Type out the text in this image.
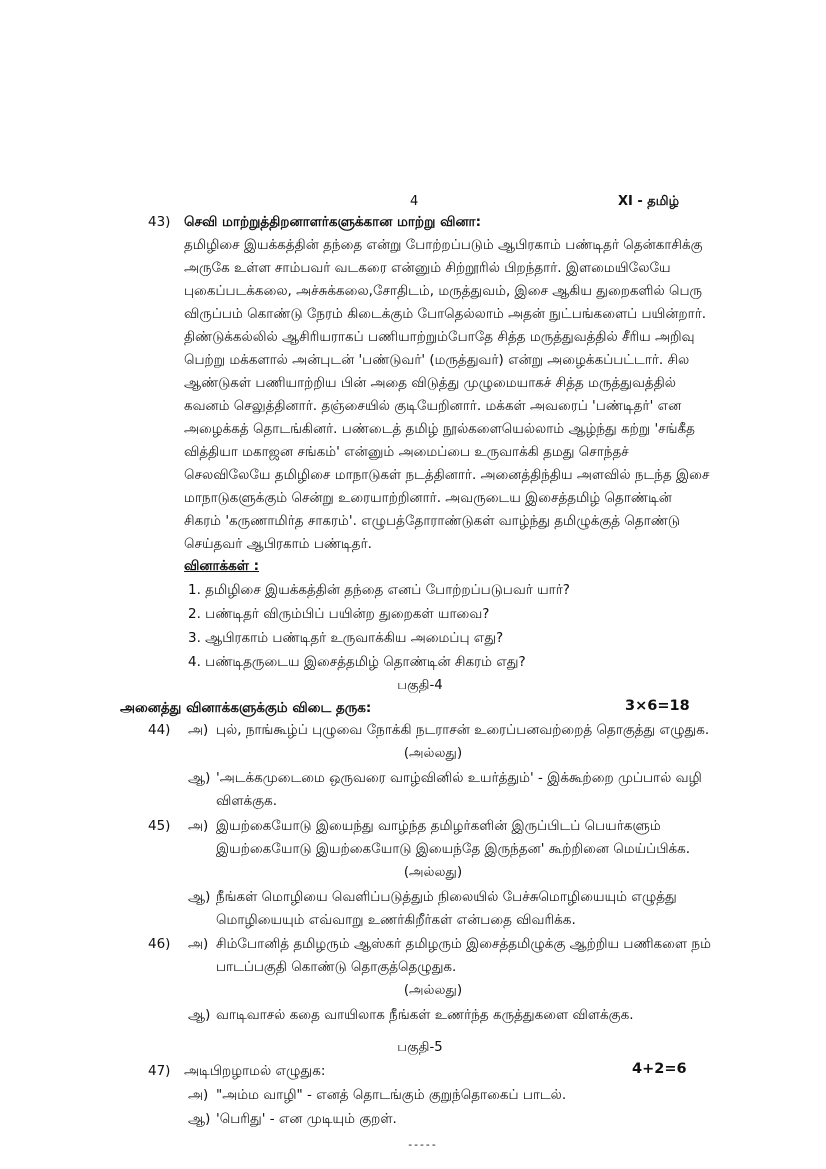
4	XI - தமிழ்
43) செவி மாற்றுத்திறனாளர்களுக்கான மாற்று வினா:
தமிழிசை இயக்கத்தின் தந்தை என்று போற்றப்படும் ஆபிரகாம் பண்டிதர் தென்காசிக்கு
அருகே உள்ள சாம்பவர் வடகரை என்னும் சிற்றூரில் பிறந்தார். இளமையிலேயே
புகைப்படக்கலை, அச்சுக்கலை,சோதிடம், மருத்துவம், இசை ஆகிய துறைகளில் பெரு
விருப்பம் கொண்டு நேரம் கிடைக்கும் போதெல்லாம் அதன் நுட்பங்களைப் பயின்றார்.
திண்டுக்கல்லில் ஆசிரியராகப் பணியாற்றும்போதே சித்த மருத்துவத்தில் சீரிய அறிவு
பெற்று மக்களால் அன்புடன் 'பண்டுவர்' (மருத்துவர்) என்று அழைக்கப்பட்டார். சில
ஆண்டுகள் பணியாற்றிய பின் அதை விடுத்து முழுமையாகச் சித்த மருத்துவத்தில்
கவனம் செலுத்தினார். தஞ்சையில் குடியேறினார். மக்கள் அவரைப் 'பண்டிதர்' என
அழைக்கத் தொடங்கினர். பண்டைத் தமிழ் நூல்களையெல்லாம் ஆழ்ந்து கற்று 'சங்கீத
வித்தியா மகாஜன சங்கம்' என்னும் அமைப்பை உருவாக்கி தமது சொந்தச்
செலவிலேயே தமிழிசை மாநாடுகள் நடத்தினார். அனைத்திந்திய அளவில் நடந்த இசை
மாநாடுகளுக்கும் சென்று உரையாற்றினார். அவருடைய இசைத்தமிழ் தொண்டின்
சிகரம் 'கருணாமிர்த சாகரம்'. எழுபத்தோராண்டுகள் வாழ்ந்து தமிழுக்குத் தொண்டு
செய்தவர் ஆபிரகாம் பண்டிதர்.
வினாக்கள் :
1. தமிழிசை இயக்கத்தின் தந்தை எனப் போற்றப்படுபவர் யார்?
2. பண்டிதர் விரும்பிப் பயின்ற துறைகள் யாவை?
3. ஆபிரகாம் பண்டிதர் உருவாக்கிய அமைப்பு எது?
4. பண்டிதருடைய இசைத்தமிழ் தொண்டின் சிகரம் எது?
பகுதி-4
அனைத்து வினாக்களுக்கும் விடை தருக:	3×6=18
44) அ) புல், நாங்கூழ்ப் புழுவை நோக்கி நடராசன் உரைப்பனவற்றைத் தொகுத்து எழுதுக.
(அல்லது)
ஆ) 'அடக்கமுடைமை ஒருவரை வாழ்வினில் உயர்த்தும்' - இக்கூற்றை முப்பால் வழி
விளக்குக.
45) அ) இயற்கையோடு இயைந்து வாழ்ந்த தமிழர்களின் இருப்பிடப் பெயர்களும்
இயற்கையோடு இயற்கையோடு இயைந்தே இருந்தன' கூற்றினை மெய்ப்பிக்க.
(அல்லது)
ஆ) நீங்கள் மொழியை வெளிப்படுத்தும் நிலையில் பேச்சுமொழியையும் எழுத்து
மொழியையும் எவ்வாறு உணர்கிறீர்கள் என்பதை விவரிக்க.
46) அ) சிம்போனித் தமிழரும் ஆஸ்கர் தமிழரும் இசைத்தமிழுக்கு ஆற்றிய பணிகளை நம்
பாடப்பகுதி கொண்டு தொகுத்தெழுதுக.
(அல்லது)
ஆ) வாடிவாசல் கதை வாயிலாக நீங்கள் உணர்ந்த கருத்துகளை விளக்குக.
பகுதி-5
47) அடிபிறழாமல் எழுதுக:	4+2=6
அ) "அம்ம வாழி" - எனத் தொடங்கும் குறுந்தொகைப் பாடல்.
ஆ) 'பெரிது' - என முடியும் குறள்.
-----
